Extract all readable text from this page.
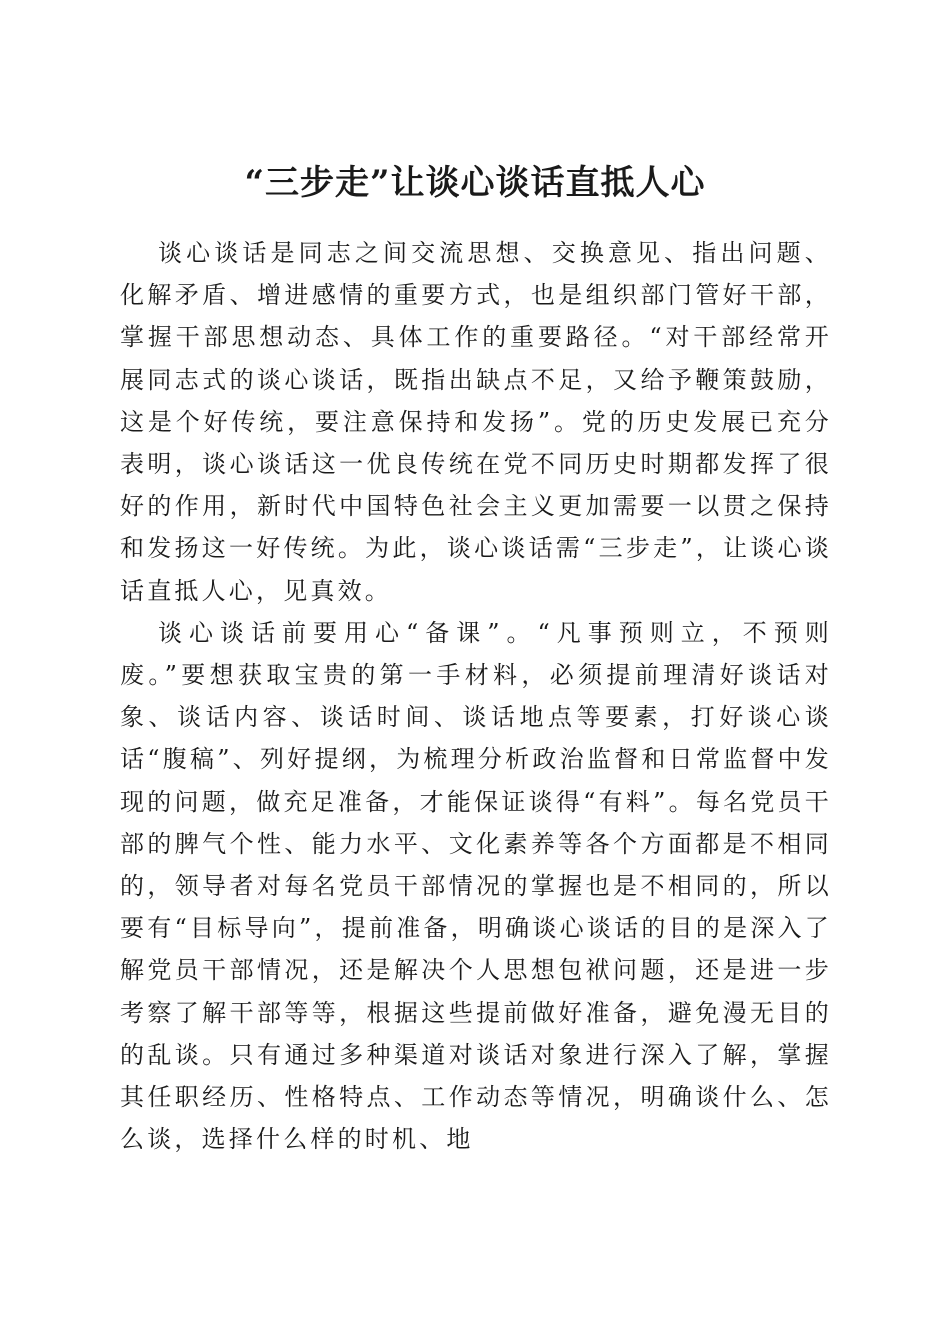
“三步走”让谈心谈话直抵人心

谈心谈话是同志之间交流思想、交换意见、指出问题、化解矛盾、增进感情的重要方式，也是组织部门管好干部，掌握干部思想动态、具体工作的重要路径。“对干部经常开展同志式的谈心谈话，既指出缺点不足，又给予鞭策鼓励，这是个好传统，要注意保持和发扬”。党的历史发展已充分表明，谈心谈话这一优良传统在党不同历史时期都发挥了很好的作用，新时代中国特色社会主义更加需要一以贯之保持和发扬这一好传统。为此，谈心谈话需“三步走”，让谈心谈话直抵人心，见真效。

谈心谈话前要用心“备课”。“凡事预则立，不预则废。”要想获取宝贵的第一手材料，必须提前理清好谈话对象、谈话内容、谈话时间、谈话地点等要素，打好谈心谈话“腹稿”、列好提纲，为梳理分析政治监督和日常监督中发现的问题，做充足准备，才能保证谈得“有料”。每名党员干部的脾气个性、能力水平、文化素养等各个方面都是不相同的，领导者对每名党员干部情况的掌握也是不相同的，所以要有“目标导向”，提前准备，明确谈心谈话的目的是深入了解党员干部情况，还是解决个人思想包袱问题，还是进一步考察了解干部等等，根据这些提前做好准备，避免漫无目的的乱谈。只有通过多种渠道对谈话对象进行深入了解，掌握其任职经历、性格特点、工作动态等情况，明确谈什么、怎么谈，选择什么样的时机、地
